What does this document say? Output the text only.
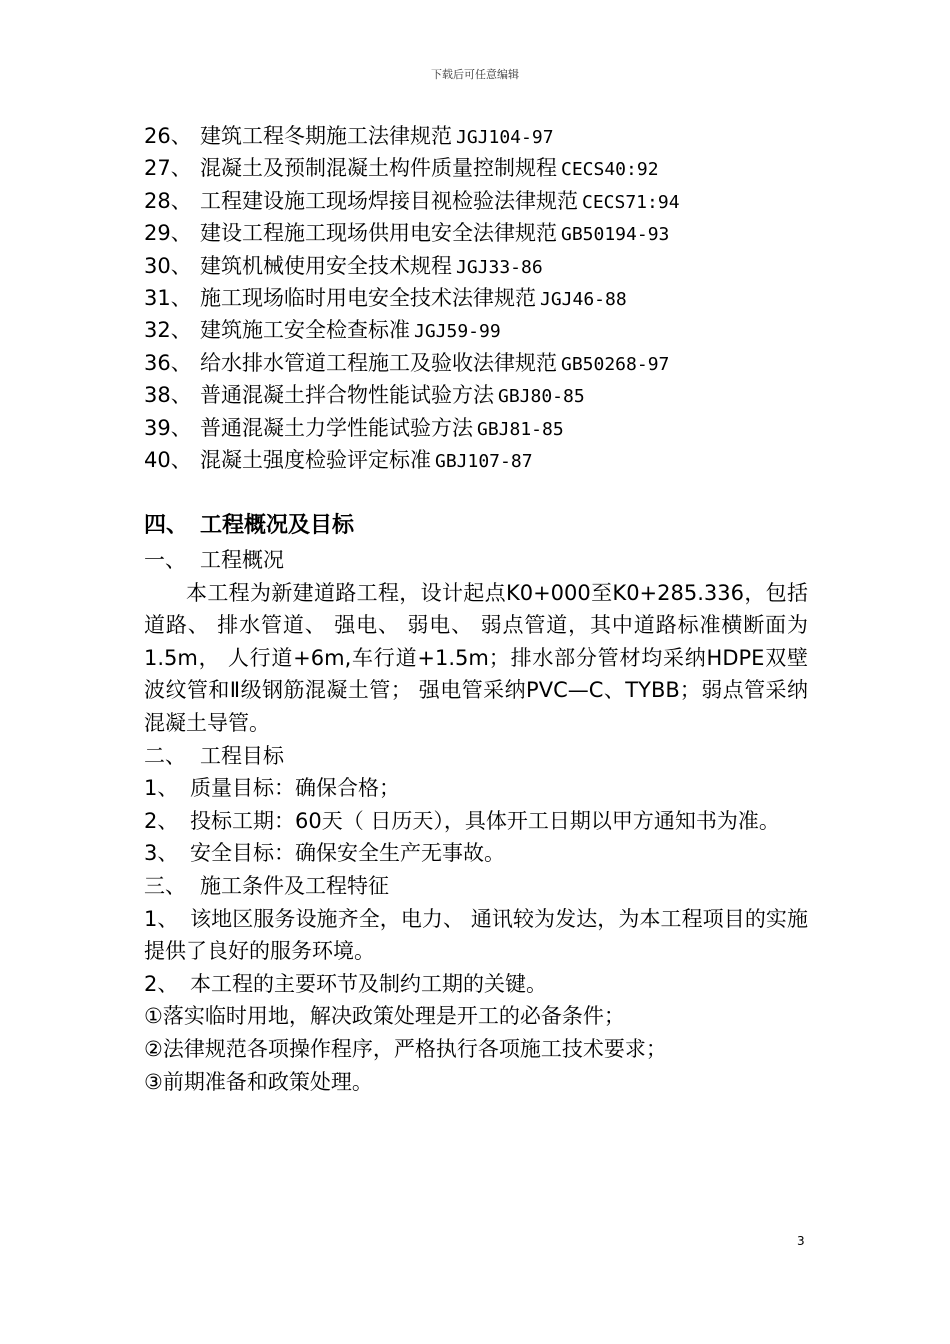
下载后可任意编辑
26、 建筑工程冬期施工法律规范 JGJ104-97
27、 混凝土及预制混凝土构件质量控制规程 CECS40:92
28、 工程建设施工现场焊接目视检验法律规范 CECS71:94
29、 建设工程施工现场供用电安全法律规范 GB50194-93
30、 建筑机械使用安全技术规程 JGJ33-86
31、 施工现场临时用电安全技术法律规范 JGJ46-88
32、 建筑施工安全检查标准 JGJ59-99
36、 给水排水管道工程施工及验收法律规范 GB50268-97
38、 普通混凝土拌合物性能试验方法 GBJ80-85
39、 普通混凝土力学性能试验方法 GBJ81-85
40、 混凝土强度检验评定标准 GBJ107-87
四、 工程概况及目标
一、 工程概况
本工程为新建道路工程，设计起点K0+000至K0+285.336，包括道路、 排水管道、 强电、 弱电、 弱点管道，其中道路标准横断面为1.5m， 人行道+6m,车行道+1.5m；排水部分管材均采纳HDPE双壁波纹管和Ⅱ级钢筋混凝土管； 强电管采纳PVC—C、TYBB；弱点管采纳混凝土导管。
二、 工程目标
1、 质量目标：确保合格；
2、 投标工期：60天（ 日历天），具体开工日期以甲方通知书为准。
3、 安全目标：确保安全生产无事故。
三、 施工条件及工程特征
1、 该地区服务设施齐全，电力、 通讯较为发达，为本工程项目的实施提供了良好的服务环境。
2、 本工程的主要环节及制约工期的关键。
①落实临时用地，解决政策处理是开工的必备条件；
②法律规范各项操作程序，严格执行各项施工技术要求；
③前期准备和政策处理。
3
